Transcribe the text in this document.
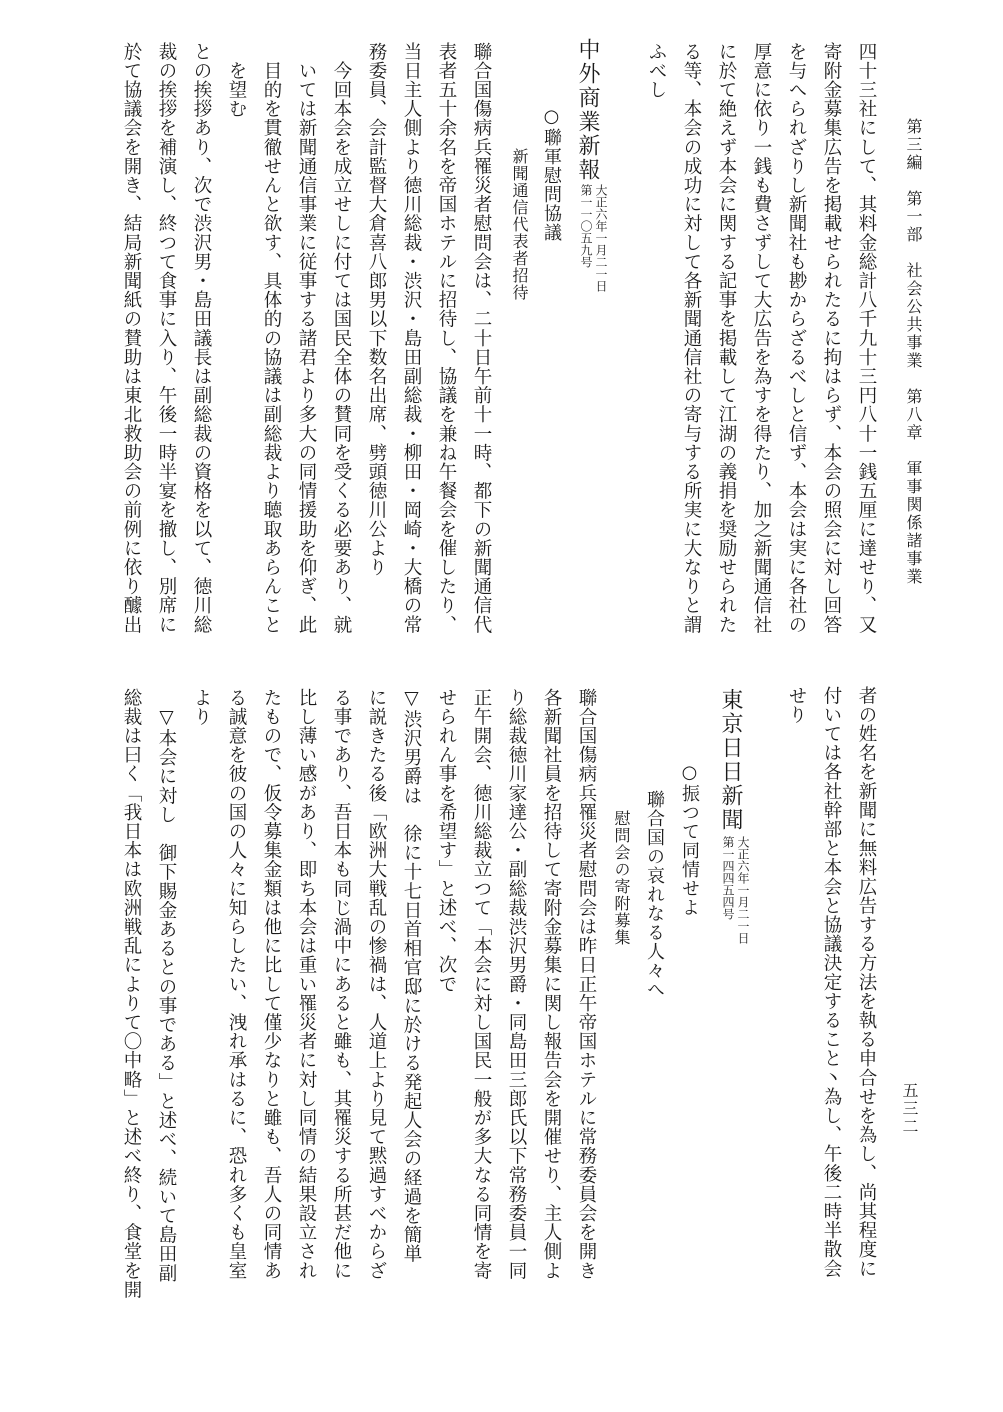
第三編　第一部　社会公共事業　第八章　軍事関係諸事業
五三二
四十三社にして、其料金総計八千九十三円八十一銭五厘に達せり、又
寄附金募集広告を掲載せられたるに拘はらず、本会の照会に対し回答
を与へられざりし新聞社も尠からざるべしと信ず、本会は実に各社の
厚意に依り一銭も費さずして大広告を為すを得たり、加之新聞通信社
に於て絶えず本会に関する記事を掲載して江湖の義捐を奨励せられた
る等、本会の成功に対して各新聞通信社の寄与する所実に大なりと謂
ふべし
中外商業新報
第一一〇五九号 大正六年一月二一日
○聯軍慰問協議
新聞通信代表者招待
聯合国傷病兵罹災者慰問会は、二十日午前十一時、都下の新聞通信代
表者五十余名を帝国ホテルに招待し、協議を兼ね午餐会を催したり、
当日主人側より徳川総裁・渋沢・島田副総裁・柳田・岡崎・大橋の常
務委員、会計監督大倉喜八郎男以下数名出席、劈頭徳川公より
　今回本会を成立せしに付ては国民全体の賛同を受くる必要あり、就
　いては新聞通信事業に従事する諸君より多大の同情援助を仰ぎ、此
　目的を貫徹せんと欲す、具体的の協議は副総裁より聴取あらんこと
　を望む
との挨拶あり、次で渋沢男・島田議長は副総裁の資格を以て、徳川総
裁の挨拶を補演し、終つて食事に入り、午後一時半宴を撤し、別席に
於て協議会を開き、結局新聞紙の賛助は東北救助会の前例に依り醵出
者の姓名を新聞に無料広告する方法を執る申合せを為し、尚其程度に
付いては各社幹部と本会と協議決定すること丶為し、午後二時半散会
せり
東京日日新聞
第一四四五四号 大正六年一月二一日
○振つて同情せよ
聯合国の哀れなる人々へ
慰問会の寄附募集
聯合国傷病兵罹災者慰問会は昨日正午帝国ホテルに常務委員会を開き
各新聞社員を招待して寄附金募集に関し報告会を開催せり、主人側よ
り総裁徳川家達公・副総裁渋沢男爵・同島田三郎氏以下常務委員一同
正午開会、徳川総裁立つて「本会に対し国民一般が多大なる同情を寄
せられん事を希望す」と述べ、次で
▽渋沢男爵は　徐に十七日首相官邸に於ける発起人会の経過を簡単
に説きたる後「欧洲大戦乱の惨禍は、人道上より見て黙過すべからざ
る事であり、吾日本も同じ渦中にあると雖も、其罹災する所甚だ他に
比し薄い感があり、即ち本会は重い罹災者に対し同情の結果設立され
たもので、仮令募集金類は他に比して僅少なりと雖も、吾人の同情あ
る誠意を彼の国の人々に知らしたい、洩れ承はるに、恐れ多くも皇室
より
　▽本会に対し　御下賜金あるとの事である」と述べ、続いて島田副
総裁は曰く「我日本は欧洲戦乱によりて〇中略」と述べ終り、食堂を開
